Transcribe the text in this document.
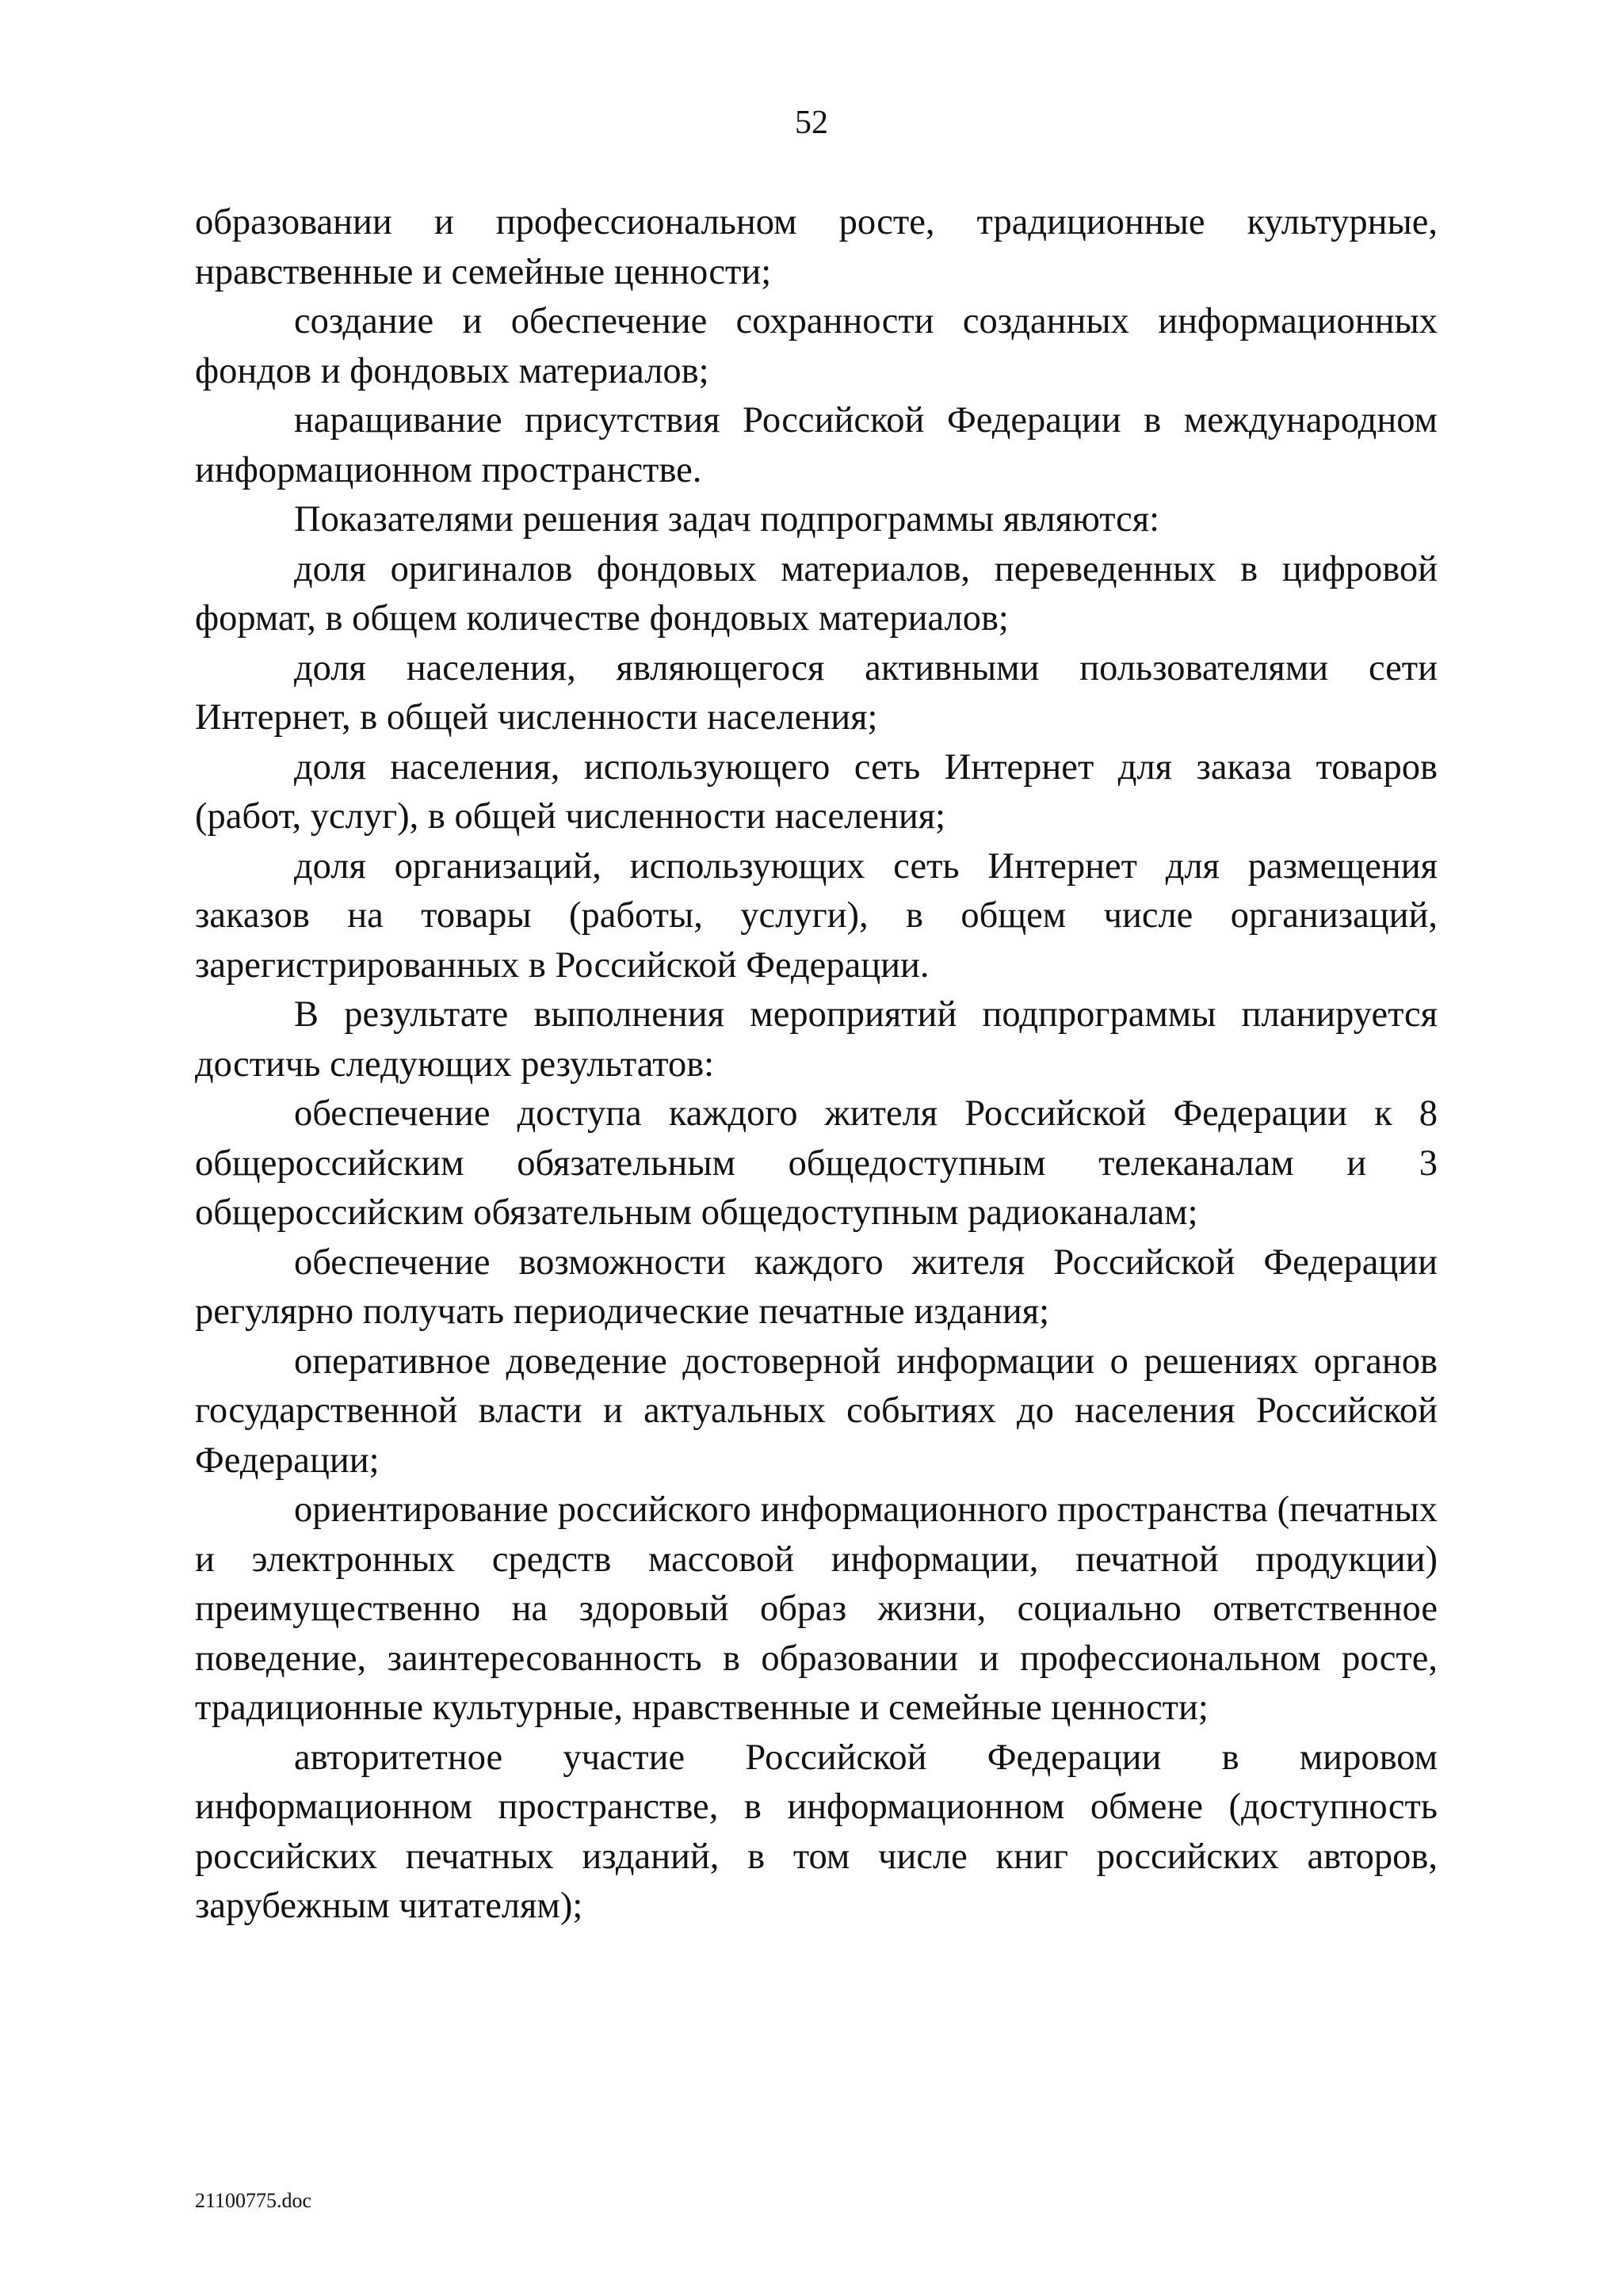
52

образовании и профессиональном росте, традиционные культурные, нравственные и семейные ценности;

создание и обеспечение сохранности созданных информационных фондов и фондовых материалов;

наращивание присутствия Российской Федерации в международном информационном пространстве.

Показателями решения задач подпрограммы являются:

доля оригиналов фондовых материалов, переведенных в цифровой формат, в общем количестве фондовых материалов;

доля населения, являющегося активными пользователями сети Интернет, в общей численности населения;

доля населения, использующего сеть Интернет для заказа товаров (работ, услуг), в общей численности населения;

доля организаций, использующих сеть Интернет для размещения заказов на товары (работы, услуги), в общем числе организаций, зарегистрированных в Российской Федерации.

В результате выполнения мероприятий подпрограммы планируется достичь следующих результатов:

обеспечение доступа каждого жителя Российской Федерации к 8 общероссийским обязательным общедоступным телеканалам и 3 общероссийским обязательным общедоступным радиоканалам;

обеспечение возможности каждого жителя Российской Федерации регулярно получать периодические печатные издания;

оперативное доведение достоверной информации о решениях органов государственной власти и актуальных событиях до населения Российской Федерации;

ориентирование российского информационного пространства (печатных и электронных средств массовой информации, печатной продукции) преимущественно на здоровый образ жизни, социально ответственное поведение, заинтересованность в образовании и профессиональном росте, традиционные культурные, нравственные и семейные ценности;

авторитетное участие Российской Федерации в мировом информационном пространстве, в информационном обмене (доступность российских печатных изданий, в том числе книг российских авторов, зарубежным читателям);

21100775.doc
